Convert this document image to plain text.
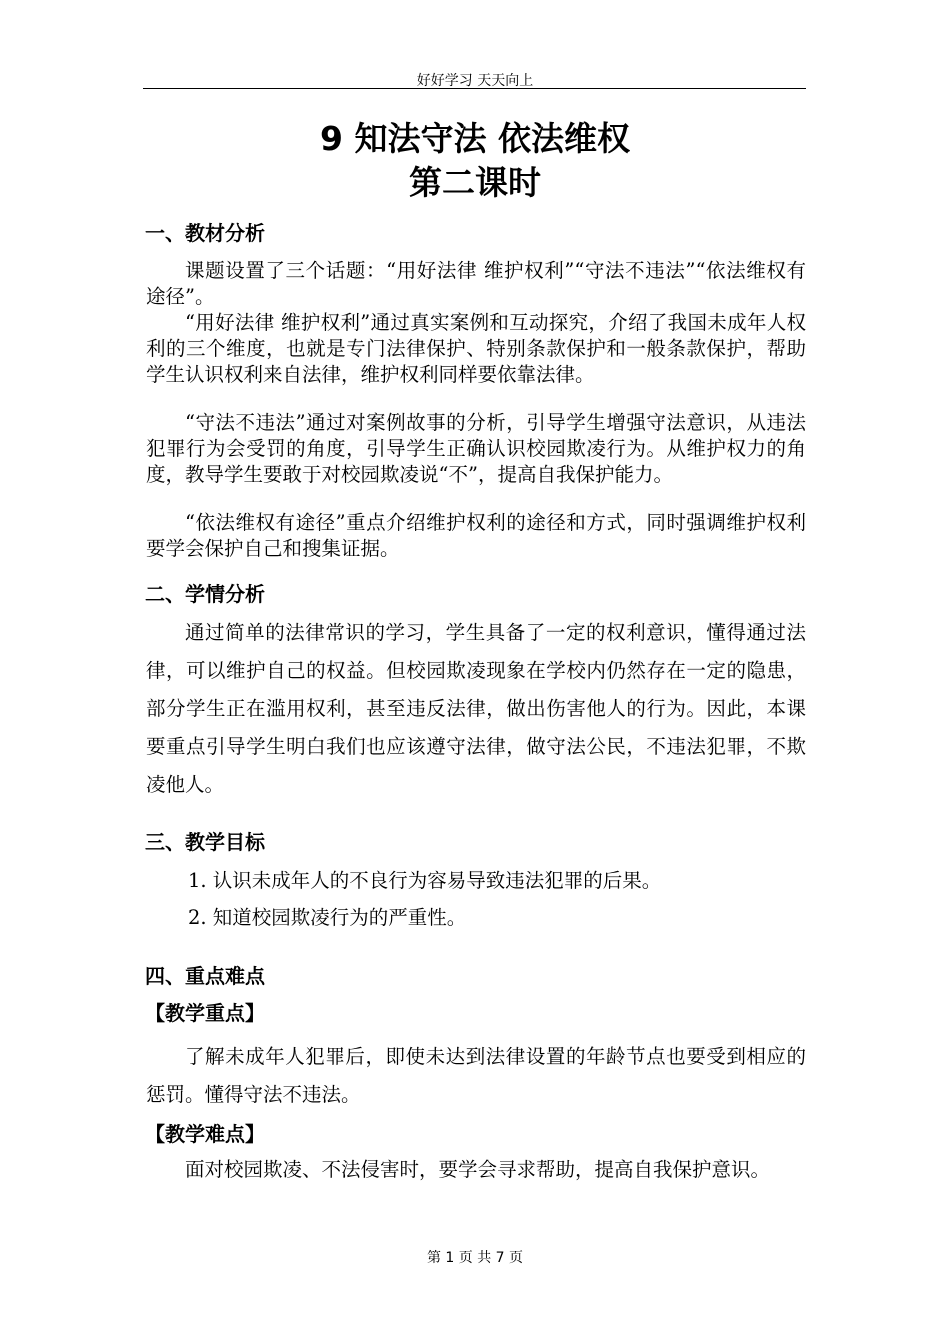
好好学习 天天向上
9 知法守法 依法维权
第二课时
一、教材分析
课题设置了三个话题：“用好法律 维护权利”“守法不违法”“依法维权有途径”。
“用好法律 维护权利”通过真实案例和互动探究，介绍了我国未成年人权利的三个维度，也就是专门法律保护、特别条款保护和一般条款保护，帮助学生认识权利来自法律，维护权利同样要依靠法律。
“守法不违法”通过对案例故事的分析，引导学生增强守法意识，从违法犯罪行为会受罚的角度，引导学生正确认识校园欺凌行为。从维护权力的角度，教导学生要敢于对校园欺凌说“不”，提高自我保护能力。
“依法维权有途径”重点介绍维护权利的途径和方式，同时强调维护权利要学会保护自己和搜集证据。
二、学情分析
通过简单的法律常识的学习，学生具备了一定的权利意识，懂得通过法律，可以维护自己的权益。但校园欺凌现象在学校内仍然存在一定的隐患，部分学生正在滥用权利，甚至违反法律，做出伤害他人的行为。因此，本课要重点引导学生明白我们也应该遵守法律，做守法公民，不违法犯罪，不欺凌他人。
三、教学目标
1. 认识未成年人的不良行为容易导致违法犯罪的后果。
2. 知道校园欺凌行为的严重性。
四、重点难点
【教学重点】
了解未成年人犯罪后，即使未达到法律设置的年龄节点也要受到相应的惩罚。懂得守法不违法。
【教学难点】
面对校园欺凌、不法侵害时，要学会寻求帮助，提高自我保护意识。
第 1 页 共 7 页
